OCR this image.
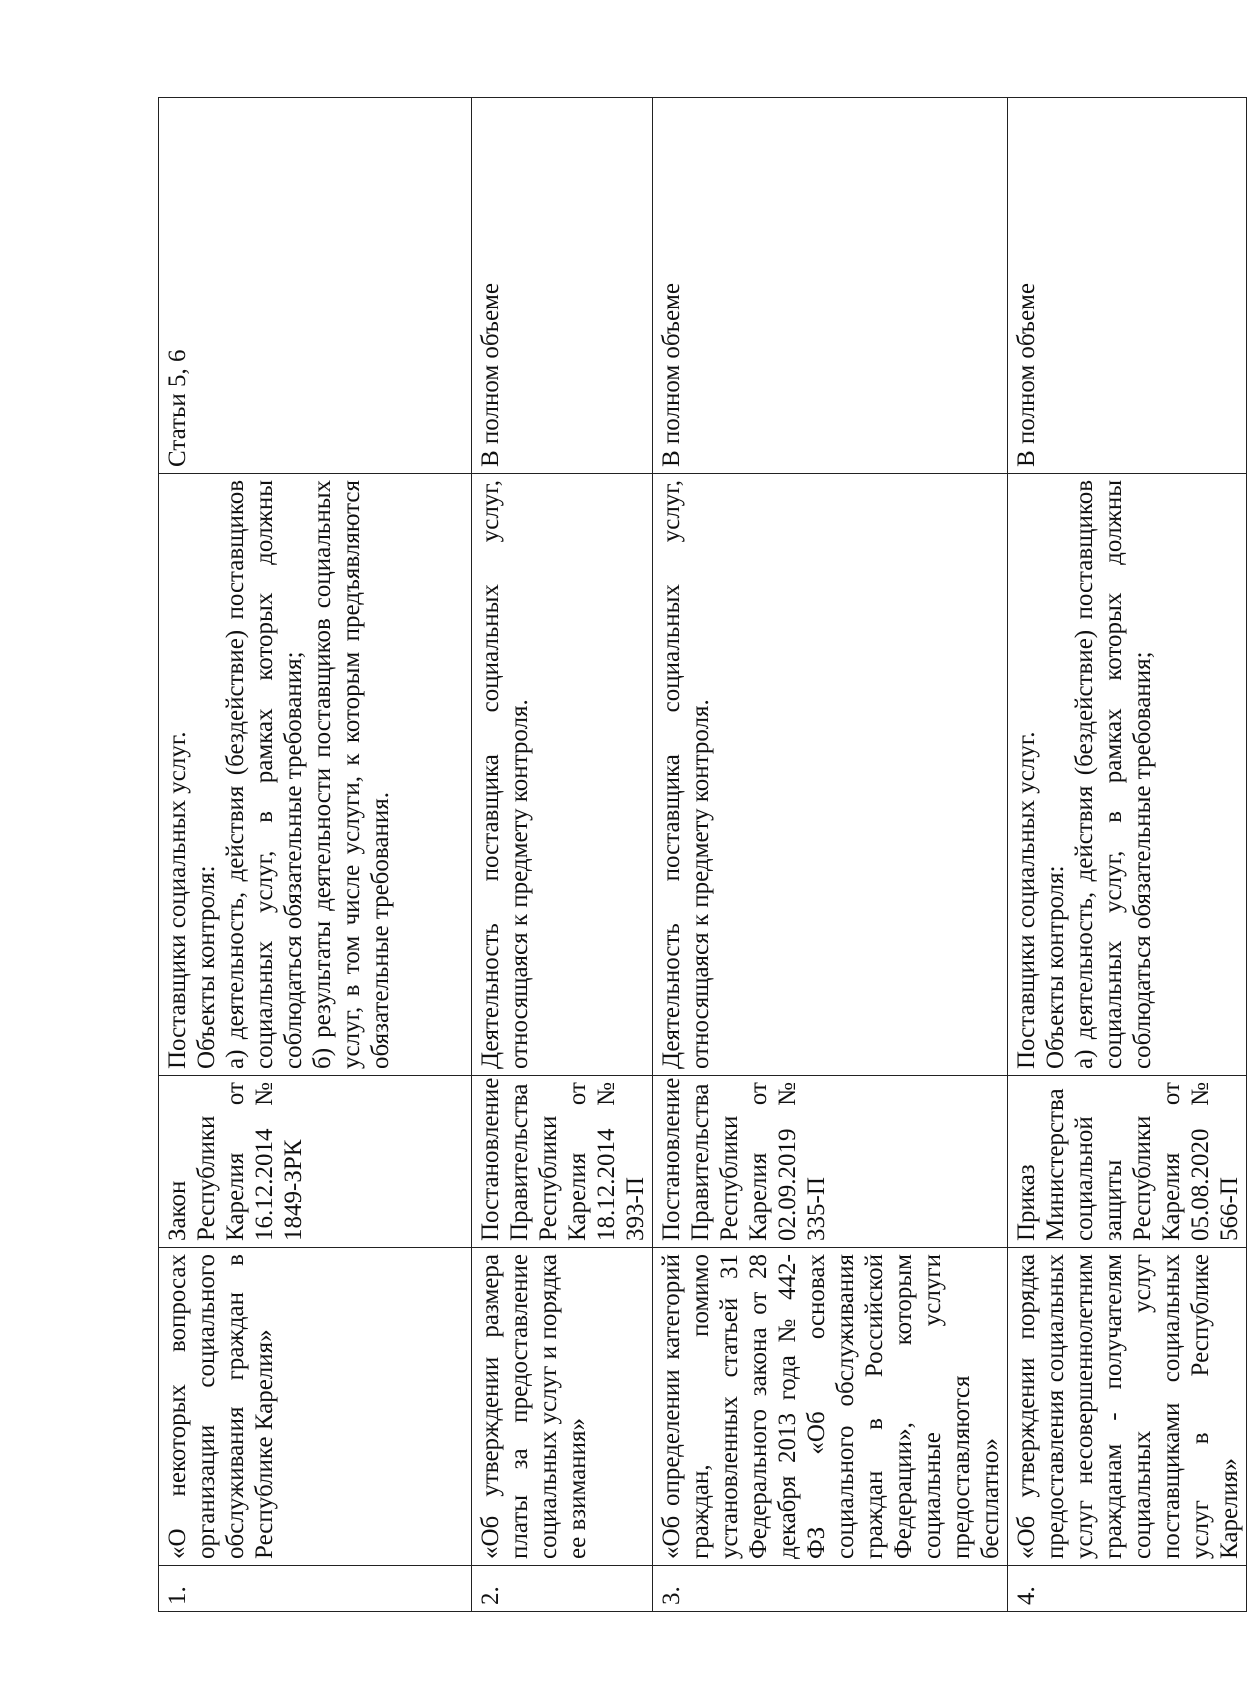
1.	«О некоторых вопросах организации социального обслуживания граждан в Республике Карелия»	Закон Республики Карелия от 16.12.2014 № 1849-ЗРК	Поставщики социальных услуг. Объекты контроля: а) деятельность, действия (бездействие) поставщиков социальных услуг, в рамках которых должны соблюдаться обязательные требования; б) результаты деятельности поставщиков социальных услуг, в том числе услуги, к которым предъявляются обязательные требования.	Статьи 5, 6
2.	«Об утверждении размера платы за предоставление социальных услуг и порядка ее взимания»	Постановление Правительства Республики Карелия от 18.12.2014 № 393-П	Деятельность поставщика социальных услуг, относящаяся к предмету контроля.	В полном объеме
3.	«Об определении категорий граждан, помимо установленных статьей 31 Федерального закона от 28 декабря 2013 года № 442-ФЗ «Об основах социального обслуживания граждан в Российской Федерации», которым социальные услуги предоставляются бесплатно»	Постановление Правительства Республики Карелия от 02.09.2019 № 335-П	Деятельность поставщика социальных услуг, относящаяся к предмету контроля.	В полном объеме
4.	«Об утверждении порядка предоставления социальных услуг несовершеннолетним гражданам - получателям социальных услуг поставщиками социальных услуг в Республике Карелия»	Приказ Министерства социальной защиты Республики Карелия от 05.08.2020 № 566-П	Поставщики социальных услуг. Объекты контроля: а) деятельность, действия (бездействие) поставщиков социальных услуг, в рамках которых должны соблюдаться обязательные требования;	В полном объеме
